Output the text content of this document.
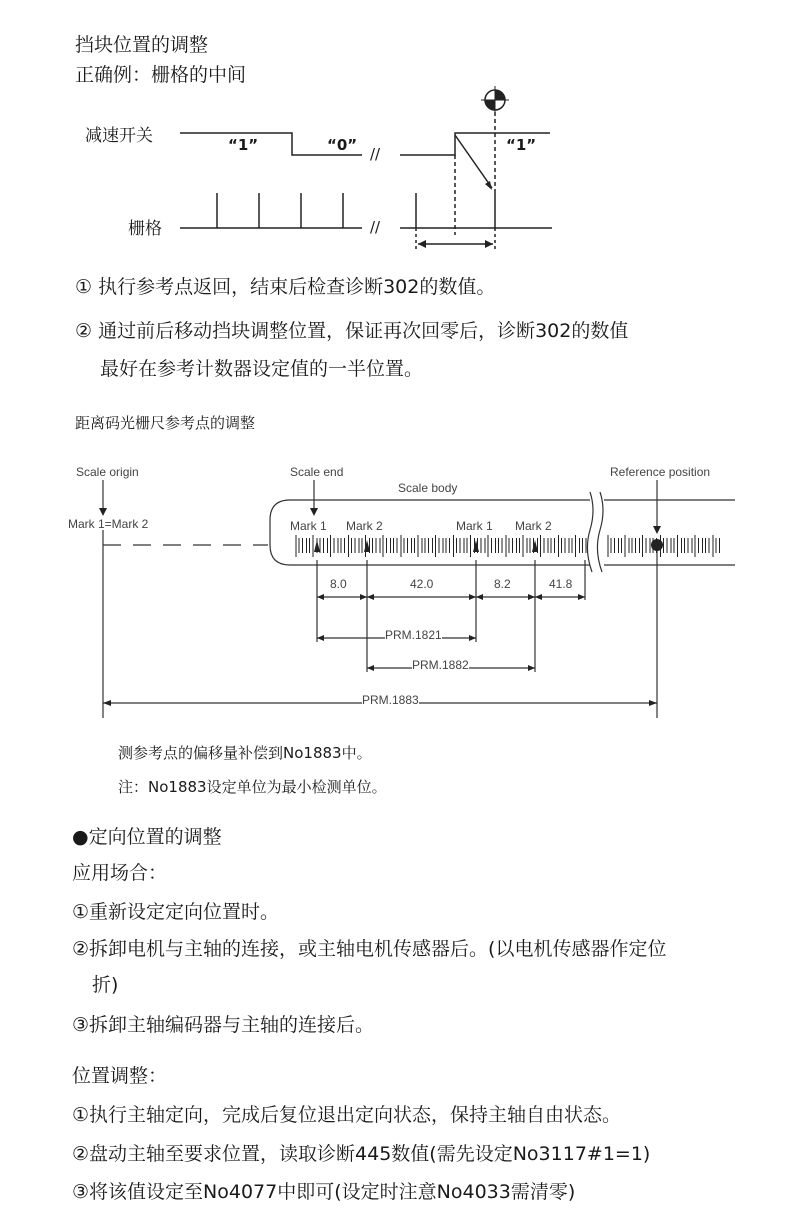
挡块位置的调整
正确例：栅格的中间
减速开关
栅格
“1”	“0”	“1”
//
//
① 执行参考点返回，结束后检查诊断302的数值。
② 通过前后移动挡块调整位置，保证再次回零后，诊断302的数值
最好在参考计数器设定值的一半位置。
距离码光栅尺参考点的调整
Scale origin
Mark 1=Mark 2
Scale end
Scale body
Reference position
Mark 1 Mark 2	Mark 1 Mark 2
8.0	42.0	8.2	41.8
PRM.1821
PRM.1882
PRM.1883
测参考点的偏移量补偿到No1883中。
注：No1883设定单位为最小检测单位。
●定向位置的调整
应用场合：
①重新设定定向位置时。
②拆卸电机与主轴的连接，或主轴电机传感器后。(以电机传感器作定位
折)
③拆卸主轴编码器与主轴的连接后。
位置调整：
①执行主轴定向，完成后复位退出定向状态，保持主轴自由状态。
②盘动主轴至要求位置，读取诊断445数值(需先设定No3117#1=1)
③将该值设定至No4077中即可(设定时注意No4033需清零)
